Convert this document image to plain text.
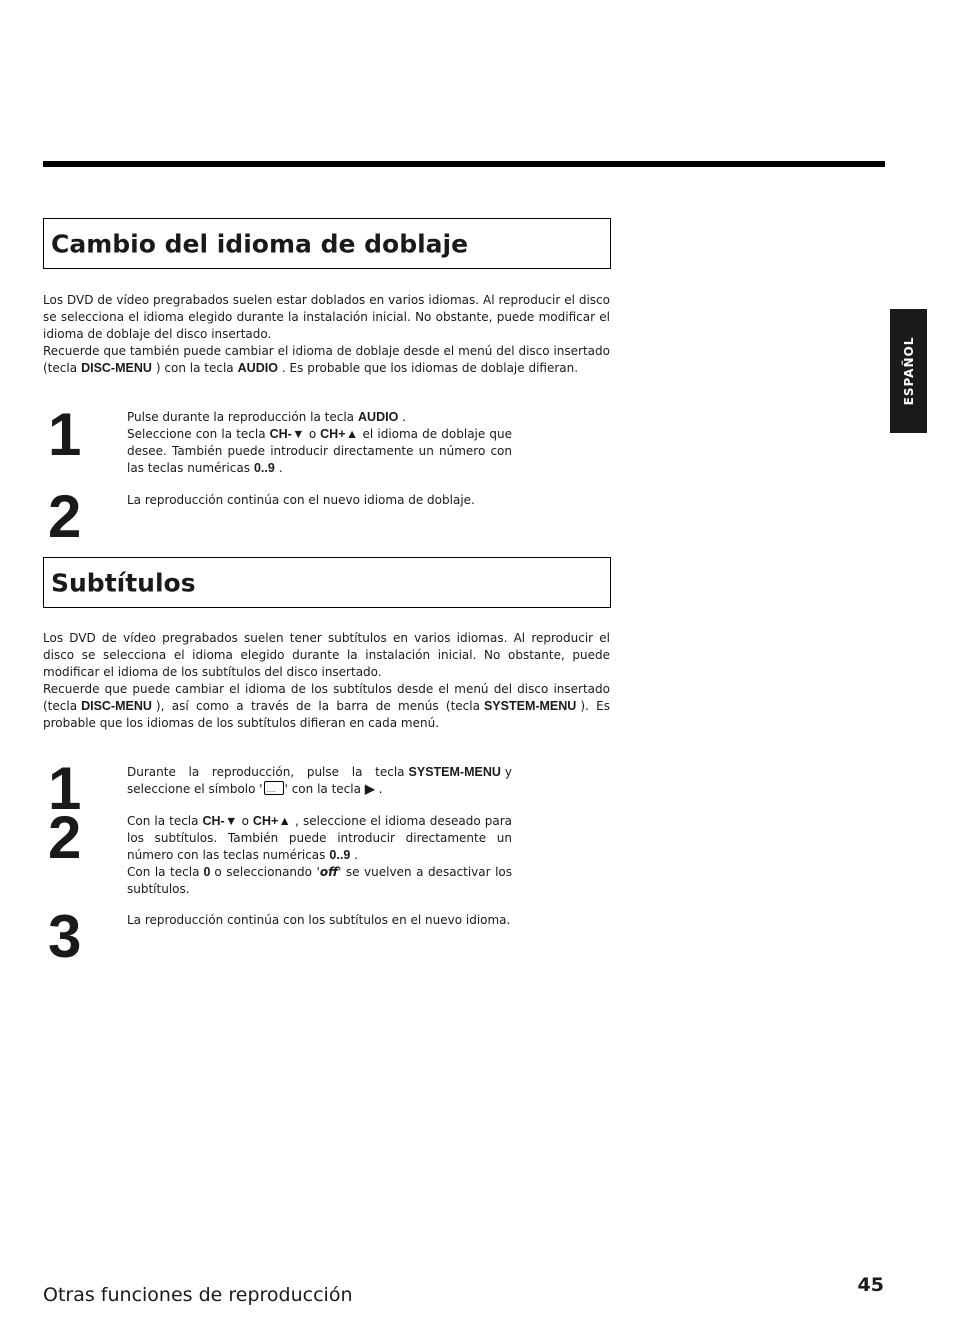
ESPAÑOL
Cambio del idioma de doblaje

Los DVD de vídeo pregrabados suelen estar doblados en varios idiomas. Al reproducir el disco se selecciona el idioma elegido durante la instalación inicial. No obstante, puede modificar el idioma de doblaje del disco insertado.

Recuerde que también puede cambiar el idioma de doblaje desde el menú del disco insertado (tecla DISC-MENU ) con la tecla AUDIO . Es probable que los idiomas de doblaje difieran.

1	Pulse durante la reproducción la tecla AUDIO .

Seleccione con la tecla CH-▼ o CH+▲ el idioma de doblaje que desee. También puede introducir directamente un número con las teclas numéricas 0..9 .

2	La reproducción continúa con el nuevo idioma de doblaje.

Subtítulos

Los DVD de vídeo pregrabados suelen tener subtítulos en varios idiomas. Al reproducir el disco se selecciona el idioma elegido durante la instalación inicial. No obstante, puede modificar el idioma de los subtítulos del disco insertado.

Recuerde que puede cambiar el idioma de los subtítulos desde el menú del disco insertado (tecla DISC-MENU ), así como a través de la barra de menús (tecla SYSTEM-MENU ). Es probable que los idiomas de los subtítulos difieran en cada menú.

1	Durante la reproducción, pulse la tecla SYSTEM-MENU y seleccione el símbolo '.... ' con la tecla ▶ .

2	Con la tecla CH-▼ o CH+▲ , seleccione el idioma deseado para los subtítulos. También puede introducir directamente un número con las teclas numéricas 0..9 .

Con la tecla 0 o seleccionando 'off' se vuelven a desactivar los subtítulos.

3	La reproducción continúa con los subtítulos en el nuevo idioma.

Otras funciones de reproducción	45
